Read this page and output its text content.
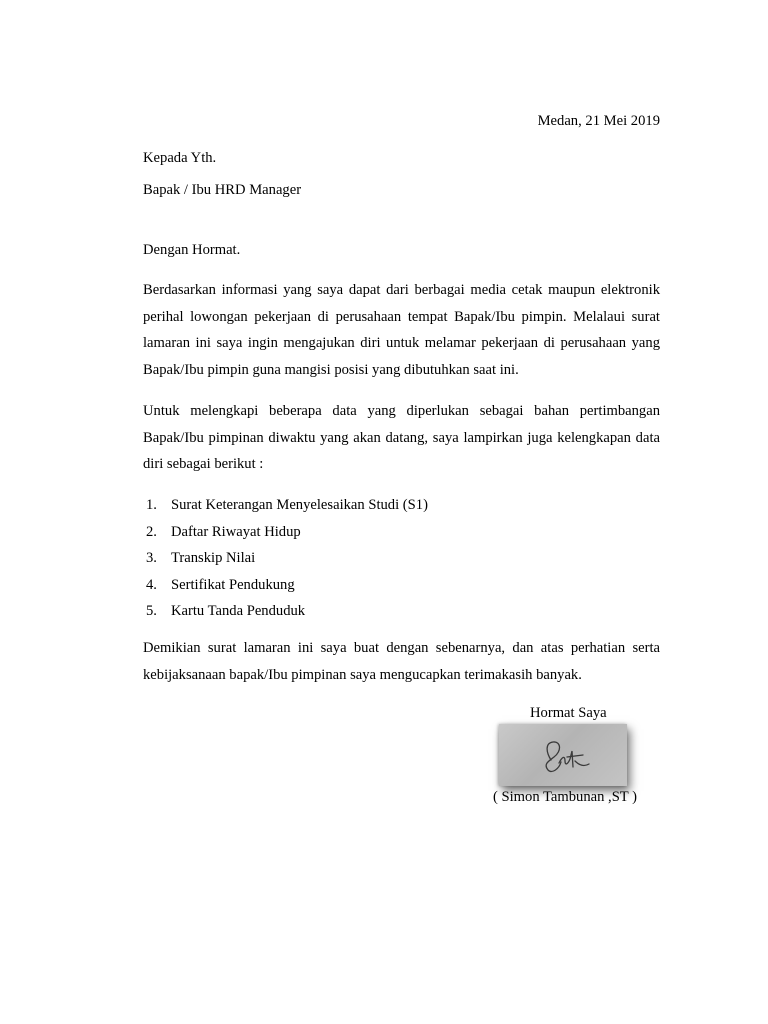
Medan, 21 Mei 2019
Kepada Yth.
Bapak / Ibu HRD Manager
Dengan Hormat.
Berdasarkan informasi yang saya dapat dari berbagai media cetak maupun elektronik perihal lowongan pekerjaan di perusahaan tempat Bapak/Ibu pimpin. Melalaui surat lamaran ini saya ingin mengajukan diri untuk melamar pekerjaan di perusahaan yang Bapak/Ibu pimpin guna mangisi posisi yang dibutuhkan saat ini.
Untuk melengkapi beberapa data yang diperlukan sebagai bahan pertimbangan Bapak/Ibu pimpinan diwaktu yang akan datang, saya lampirkan juga kelengkapan data diri sebagai berikut :
1. Surat Keterangan Menyelesaikan Studi (S1)
2. Daftar Riwayat Hidup
3. Transkip Nilai
4. Sertifikat Pendukung
5. Kartu Tanda Penduduk
Demikian surat lamaran ini saya buat dengan sebenarnya, dan atas perhatian serta kebijaksanaan bapak/Ibu pimpinan saya mengucapkan terimakasih banyak.
Hormat Saya
( Simon Tambunan ,ST )
